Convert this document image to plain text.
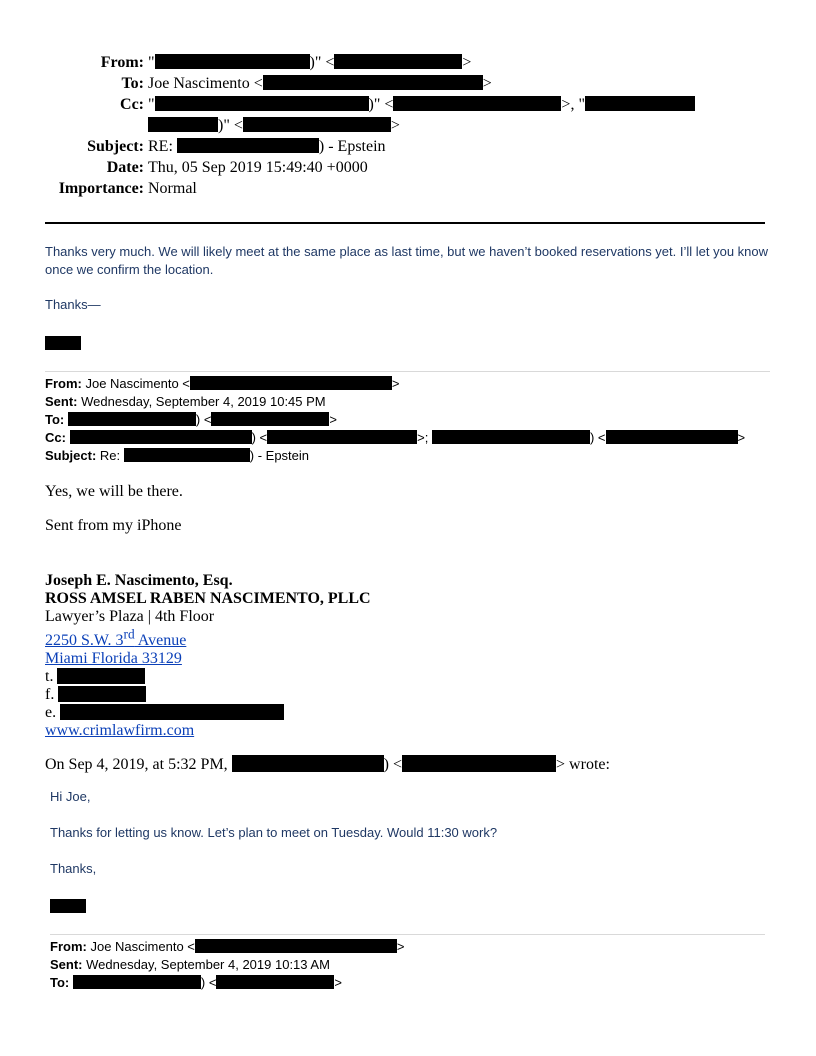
From: "	)" <	>
To: Joe Nascimento <	>
Cc: "	)" <	>, "
)" <	>
Subject: RE:	) - Epstein
Date: Thu, 05 Sep 2019 15:49:40 +0000
Importance: Normal
Thanks very much. We will likely meet at the same place as last time, but we haven’t booked reservations yet. I’ll let you know once we confirm the location.
Thanks—
From: Joe Nascimento <	>
Sent: Wednesday, September 4, 2019 10:45 PM
To:	) <	>
Cc:	) <	>;	) <	>
Subject: Re:	) - Epstein
Yes, we will be there.
Sent from my iPhone
Joseph E. Nascimento, Esq.
ROSS AMSEL RABEN NASCIMENTO, PLLC
Lawyer’s Plaza | 4th Floor
2250 S.W. 3rd Avenue
Miami Florida 33129
t.
f.
e.
www.crimlawfirm.com
On Sep 4, 2019, at 5:32 PM,	) <	> wrote:
Hi Joe,
Thanks for letting us know. Let’s plan to meet on Tuesday. Would 11:30 work?
Thanks,
From: Joe Nascimento <	>
Sent: Wednesday, September 4, 2019 10:13 AM
To:	) <	>
